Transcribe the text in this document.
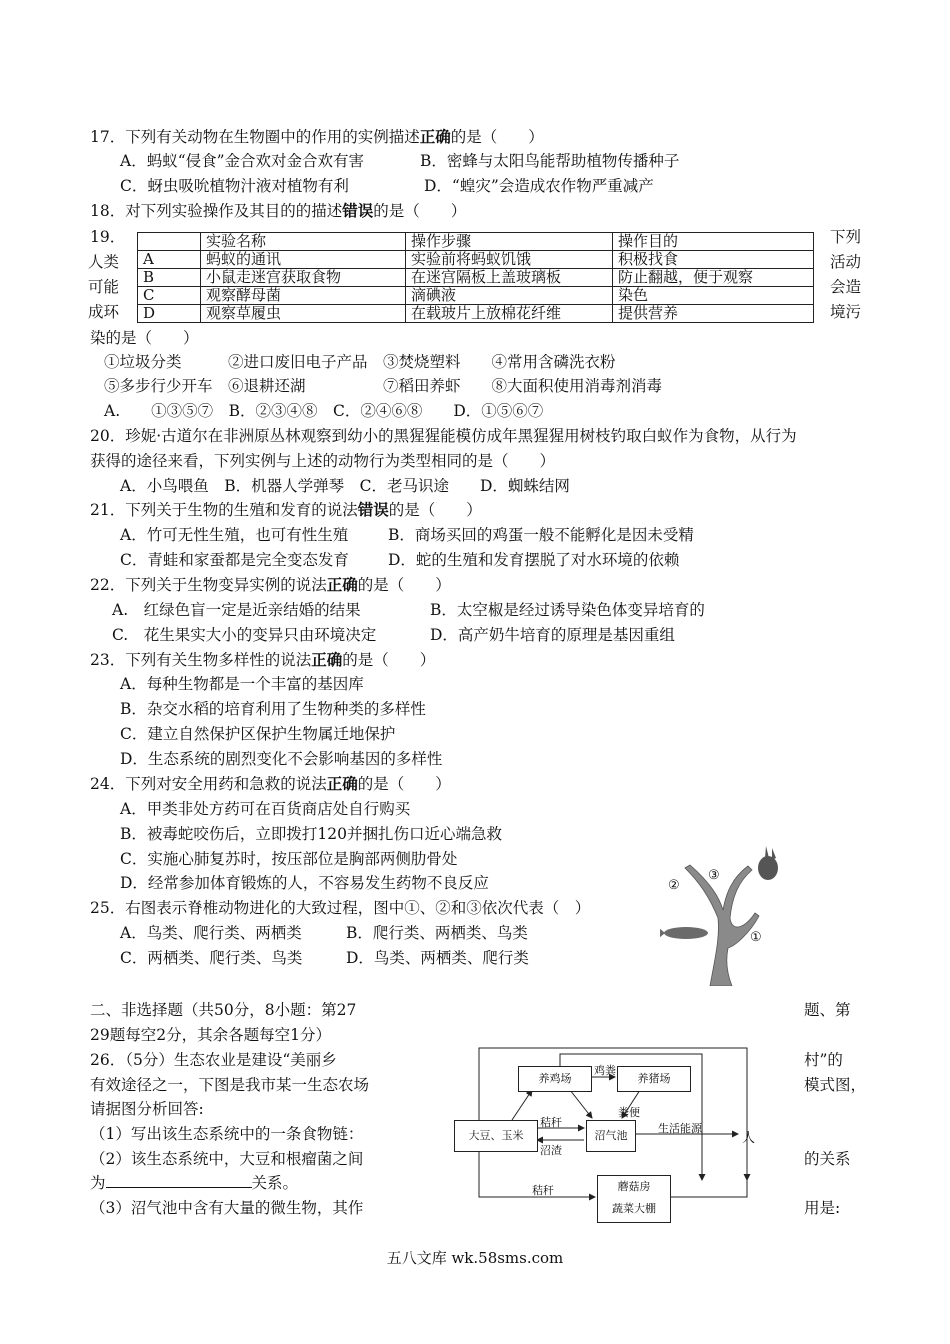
17．下列有关动物在生物圈中的作用的实例描述正确的是（　　）
A．蚂蚁“侵食”金合欢对金合欢有害	B．密蜂与太阳鸟能帮助植物传播种子
C．蚜虫吸吮植物汁液对植物有利	D．“蝗灾”会造成农作物严重减产
18．对下列实验操作及其目的的描述错误的是（　　）
	实验名称	操作步骤	操作目的
A	蚂蚁的通讯	实验前将蚂蚁饥饿	积极找食
B	小鼠走迷宫获取食物	在迷宫隔板上盖玻璃板	防止翻越，便于观察
C	观察酵母菌	滴碘液	染色
D	观察草履虫	在载玻片上放棉花纤维	提供营养
19．
人类
可能
成环
下列
活动
会造
境污
染的是（　　）
①垃圾分类　　　②进口废旧电子产品　③焚烧塑料　　④常用含磷洗衣粉
⑤多步行少开车　⑥退耕还湖　　　　　⑦稻田养虾　　⑧大面积使用消毒剂消毒
A.　　①③⑤⑦　B．②③④⑧　C．②④⑥⑧　　D．①⑤⑥⑦
20．珍妮·古道尔在非洲原丛林观察到幼小的黑猩猩能模仿成年黑猩猩用树枝钓取白蚁作为食物，从行为
获得的途径来看，下列实例与上述的动物行为类型相同的是（　　）
A．小鸟喂鱼　B．机器人学弹琴　C．老马识途　　D．蜘蛛结网
21．下列关于生物的生殖和发育的说法错误的是（　　）
A．竹可无性生殖，也可有性生殖	B．商场买回的鸡蛋一般不能孵化是因未受精
C．青蛙和家蚕都是完全变态发育	D．蛇的生殖和发育摆脱了对水环境的依赖
22．下列关于生物变异实例的说法正确的是（　　）
A.　红绿色盲一定是近亲结婚的结果	B．太空椒是经过诱导染色体变异培育的
C.　花生果实大小的变异只由环境决定	D．高产奶牛培育的原理是基因重组
23．下列有关生物多样性的说法正确的是（　　）
A．每种生物都是一个丰富的基因库
B．杂交水稻的培育利用了生物种类的多样性
C．建立自然保护区保护生物属迁地保护
D．生态系统的剧烈变化不会影响基因的多样性
24．下列对安全用药和急救的说法正确的是（　　）
A．甲类非处方药可在百货商店处自行购买
B．被毒蛇咬伤后，立即拨打120并捆扎伤口近心端急救
C．实施心肺复苏时，按压部位是胸部两侧肋骨处
D．经常参加体育锻炼的人，不容易发生药物不良反应
25．右图表示脊椎动物进化的大致过程，图中①、②和③依次代表（　）
A．鸟类、爬行类、两栖类	B．爬行类、两栖类、鸟类
C．两栖类、爬行类、鸟类	D．鸟类、两栖类、爬行类
②
③
①
二、非选择题（共50分，8小题：第27	题、第
29题每空2分，其余各题每空1分）
26．（5分）生态农业是建设“美丽乡	村”的
有效途径之一，下图是我市某一生态农场	模式图，
请据图分析回答:
（1）写出该生态系统中的一条食物链：
（2）该生态系统中，大豆和根瘤菌之间	的关系
为	关系。
（3）沼气池中含有大量的微生物，其作	用是:
养鸡场	养猪场
大豆、玉米	沼气池
蘑菇房
蔬菜大棚
鸡粪
粪便
秸秆
沼渣
秸秆
生活能源
人
五八文库 wk.58sms.com
